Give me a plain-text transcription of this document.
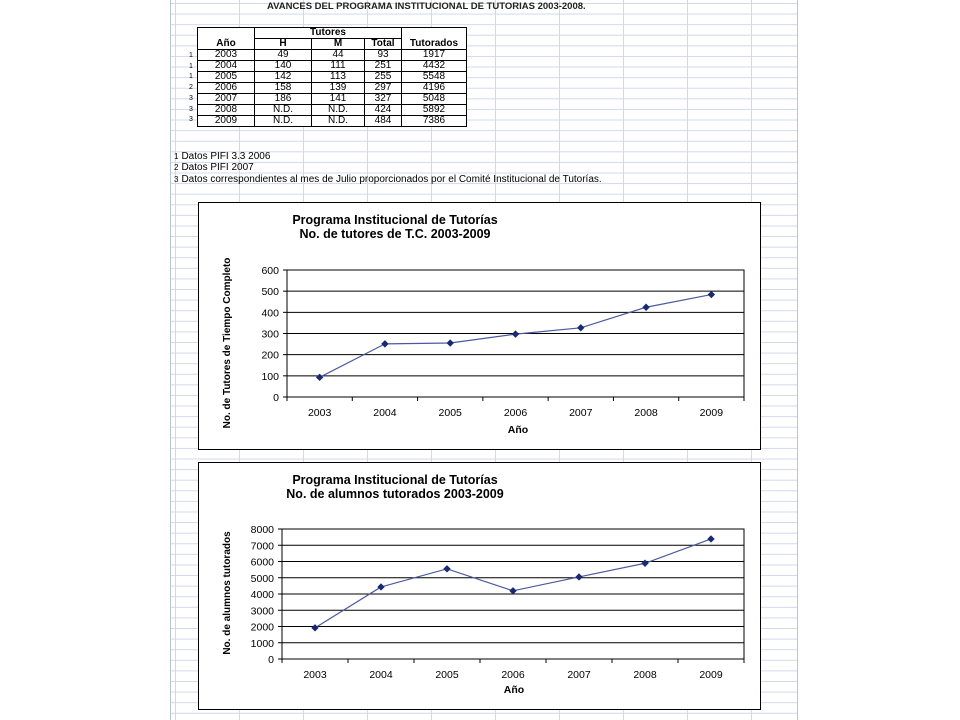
AVANCES DEL PROGRAMA INSTITUCIONAL DE TUTORIAS 2003-2008.
1
1
1
2
3
3
3
	Tutores			
Año	H	M	Total	Tutorados
2003	49	44	93	1917
2004	140	111	251	4432
2005	142	113	255	5548
2006	158	139	297	4196
2007	186	141	327	5048
2008	N.D.	N.D.	424	5892
2009	N.D.	N.D.	484	7386
1 Datos PIFI 3.3 2006
2 Datos PIFI 2007
3 Datos correspondientes al mes de Julio proporcionados por el Comité Institucional de Tutorías.
Programa Institucional de Tutorías
No. de tutores de T.C. 2003-2009
Año
No. de Tutores de Tiempo Completo	0
100
200
300
400
500
600
2003	2004	2005	2006	2007	2008	2009
Programa Institucional de Tutorías
No. de alumnos tutorados 2003-2009
Año
No. de alumnos tutorados
0
1000
2000
3000
4000
5000
6000
7000
8000
2003	2004	2005	2006	2007	2008	2009
